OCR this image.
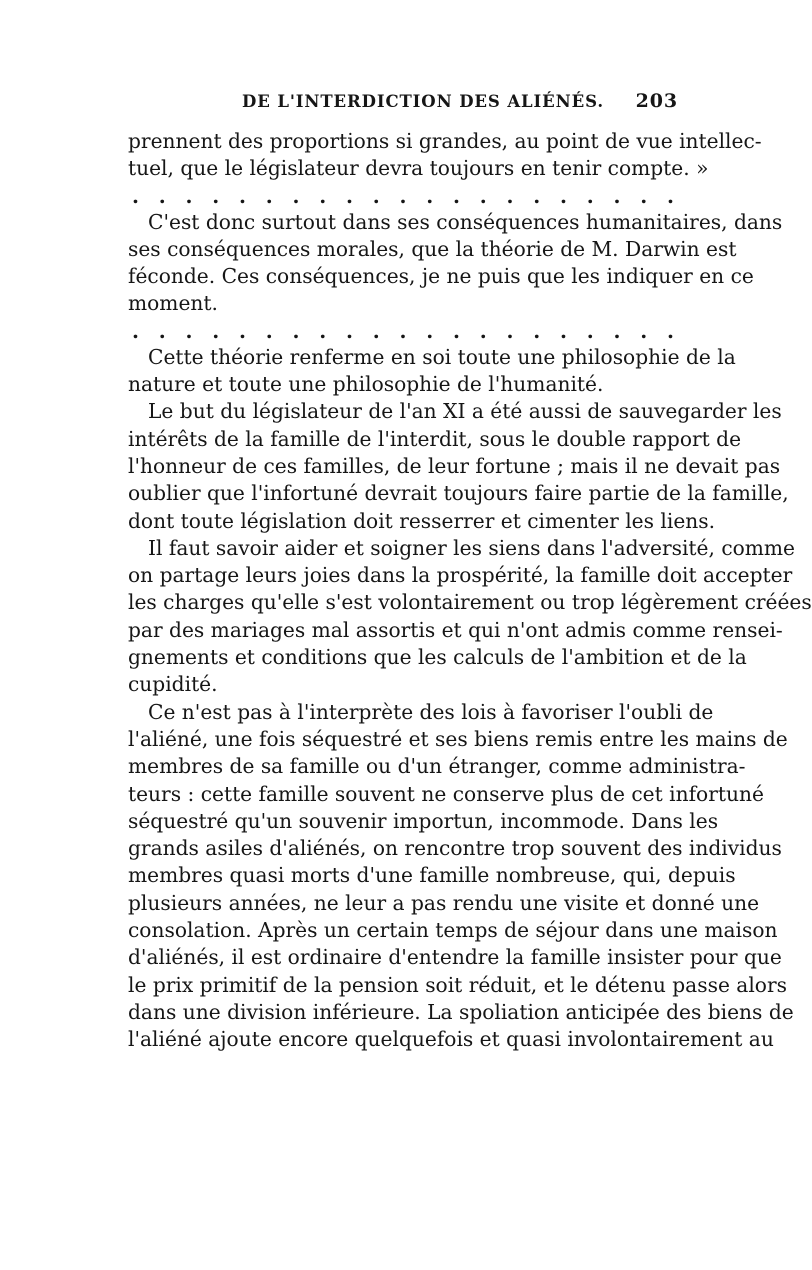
DE L'INTERDICTION DES ALIÉNÉS. 203

prennent des proportions si grandes, au point de vue intellec-

tuel, que le législateur devra toujours en tenir compte. »

. . . . . . . . . . . . . . . . . . . . .

C'est donc surtout dans ses conséquences humanitaires, dans

ses conséquences morales, que la théorie de M. Darwin est

féconde. Ces conséquences, je ne puis que les indiquer en ce

moment.

. . . . . . . . . . . . . . . . . . . . .

Cette théorie renferme en soi toute une philosophie de la

nature et toute une philosophie de l'humanité.

Le but du législateur de l'an XI a été aussi de sauvegarder les

intérêts de la famille de l'interdit, sous le double rapport de

l'honneur de ces familles, de leur fortune ; mais il ne devait pas

oublier que l'infortuné devrait toujours faire partie de la famille,

dont toute législation doit resserrer et cimenter les liens.

Il faut savoir aider et soigner les siens dans l'adversité, comme

on partage leurs joies dans la prospérité, la famille doit accepter

les charges qu'elle s'est volontairement ou trop légèrement créées

par des mariages mal assortis et qui n'ont admis comme rensei-

gnements et conditions que les calculs de l'ambition et de la

cupidité.

Ce n'est pas à l'interprète des lois à favoriser l'oubli de

l'aliéné, une fois séquestré et ses biens remis entre les mains de

membres de sa famille ou d'un étranger, comme administra-

teurs : cette famille souvent ne conserve plus de cet infortuné

séquestré qu'un souvenir importun, incommode. Dans les

grands asiles d'aliénés, on rencontre trop souvent des individus

membres quasi morts d'une famille nombreuse, qui, depuis

plusieurs années, ne leur a pas rendu une visite et donné une

consolation. Après un certain temps de séjour dans une maison

d'aliénés, il est ordinaire d'entendre la famille insister pour que

le prix primitif de la pension soit réduit, et le détenu passe alors

dans une division inférieure. La spoliation anticipée des biens de

l'aliéné ajoute encore quelquefois et quasi involontairement au
